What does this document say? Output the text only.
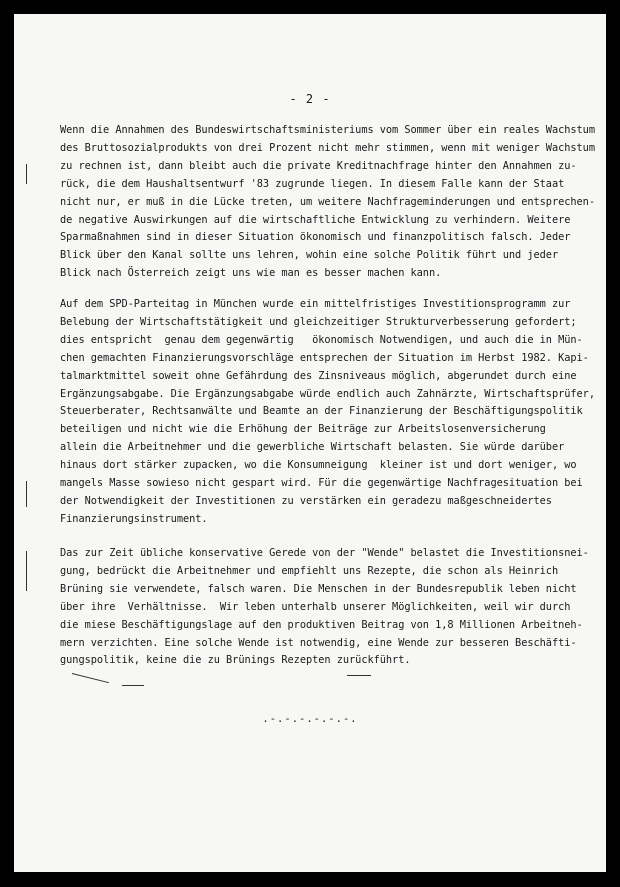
- 2 -

Wenn die Annahmen des Bundeswirtschaftsministeriums vom Sommer über ein reales Wachstum
des Bruttosozialprodukts von drei Prozent nicht mehr stimmen, wenn mit weniger Wachstum
zu rechnen ist, dann bleibt auch die private Kreditnachfrage hinter den Annahmen zu-
rück, die dem Haushaltsentwurf '83 zugrunde liegen. In diesem Falle kann der Staat
nicht nur, er muß in die Lücke treten, um weitere Nachfrageminderungen und entsprechen-
de negative Auswirkungen auf die wirtschaftliche Entwicklung zu verhindern. Weitere
Sparmaßnahmen sind in dieser Situation ökonomisch und finanzpolitisch falsch. Jeder
Blick über den Kanal sollte uns lehren, wohin eine solche Politik führt und jeder
Blick nach Österreich zeigt uns wie man es besser machen kann.

Auf dem SPD-Parteitag in München wurde ein mittelfristiges Investitionsprogramm zur
Belebung der Wirtschaftstätigkeit und gleichzeitiger Strukturverbesserung gefordert;
dies entspricht  genau dem gegenwärtig   ökonomisch Notwendigen, und auch die in Mün-
chen gemachten Finanzierungsvorschläge entsprechen der Situation im Herbst 1982. Kapi-
talmarktmittel soweit ohne Gefährdung des Zinsniveaus möglich, abgerundet durch eine
Ergänzungsabgabe. Die Ergänzungsabgabe würde endlich auch Zahnärzte, Wirtschaftsprüfer,
Steuerberater, Rechtsanwälte und Beamte an der Finanzierung der Beschäftigungspolitik
beteiligen und nicht wie die Erhöhung der Beiträge zur Arbeitslosenversicherung
allein die Arbeitnehmer und die gewerbliche Wirtschaft belasten. Sie würde darüber
hinaus dort stärker zupacken, wo die Konsumneigung  kleiner ist und dort weniger, wo
mangels Masse sowieso nicht gespart wird. Für die gegenwärtige Nachfragesituation bei
der Notwendigkeit der Investitionen zu verstärken ein geradezu maßgeschneidertes
Finanzierungsinstrument.

Das zur Zeit übliche konservative Gerede von der "Wende" belastet die Investitionsnei-
gung, bedrückt die Arbeitnehmer und empfiehlt uns Rezepte, die schon als Heinrich
Brüning sie verwendete, falsch waren. Die Menschen in der Bundesrepublik leben nicht
über ihre  Verhältnisse.  Wir leben unterhalb unserer Möglichkeiten, weil wir durch
die miese Beschäftigungslage auf den produktiven Beitrag von 1,8 Millionen Arbeitneh-
mern verzichten. Eine solche Wende ist notwendig, eine Wende zur besseren Beschäfti-
gungspolitik, keine die zu Brünings Rezepten zurückführt.

.-.-.-.-.-.-.
